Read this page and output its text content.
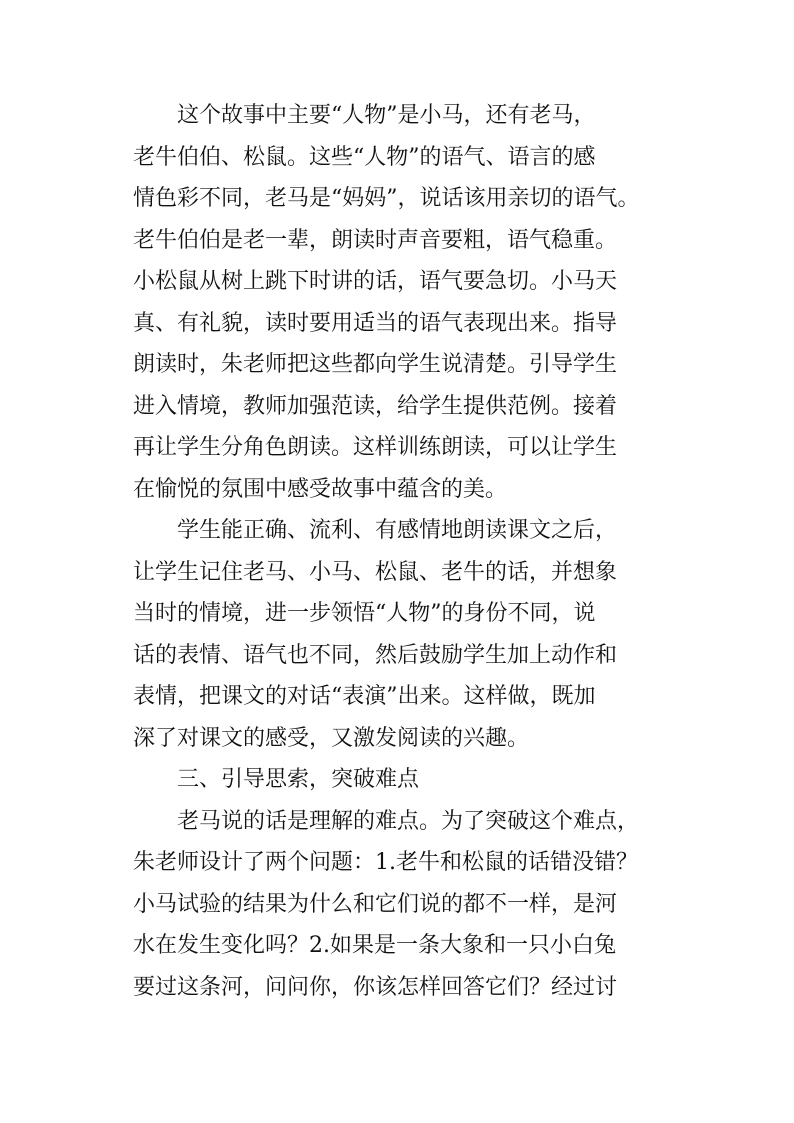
这个故事中主要“人物”是小马，还有老马，
老牛伯伯、松鼠。这些“人物”的语气、语言的感
情色彩不同，老马是“妈妈”，说话该用亲切的语气。
老牛伯伯是老一辈，朗读时声音要粗，语气稳重。
小松鼠从树上跳下时讲的话，语气要急切。小马天
真、有礼貌，读时要用适当的语气表现出来。指导
朗读时，朱老师把这些都向学生说清楚。引导学生
进入情境，教师加强范读，给学生提供范例。接着
再让学生分角色朗读。这样训练朗读，可以让学生
在愉悦的氛围中感受故事中蕴含的美。

学生能正确、流利、有感情地朗读课文之后，
让学生记住老马、小马、松鼠、老牛的话，并想象
当时的情境，进一步领悟“人物”的身份不同，说
话的表情、语气也不同，然后鼓励学生加上动作和
表情，把课文的对话“表演”出来。这样做，既加
深了对课文的感受，又激发阅读的兴趣。

三、引导思索，突破难点

老马说的话是理解的难点。为了突破这个难点，
朱老师设计了两个问题：1.老牛和松鼠的话错没错？
小马试验的结果为什么和它们说的都不一样，是河
水在发生变化吗？2.如果是一条大象和一只小白兔
要过这条河，问问你，你该怎样回答它们？经过讨
